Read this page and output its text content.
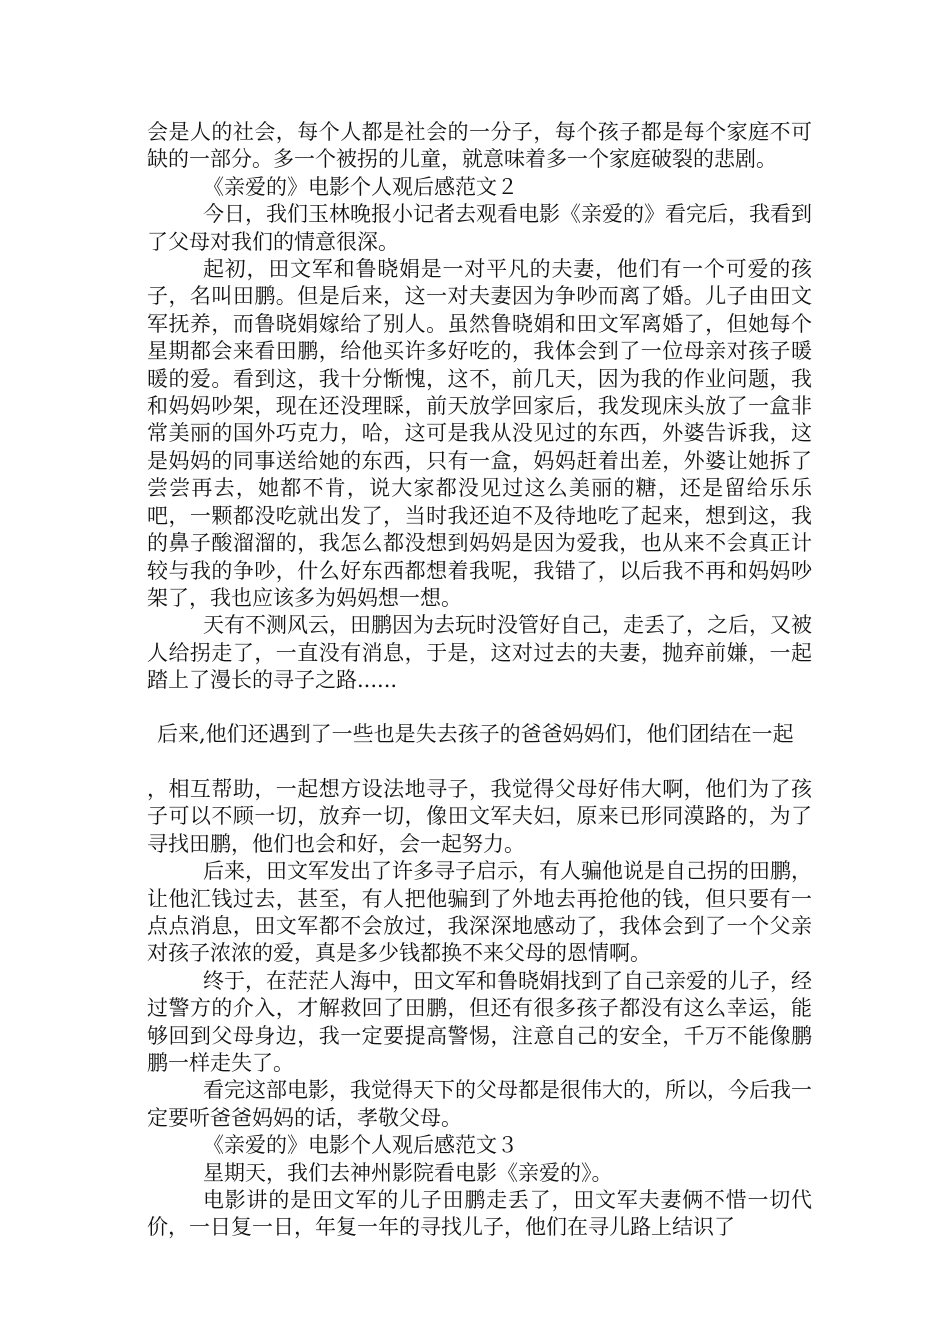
会是人的社会，每个人都是社会的一分子，每个孩子都是每个家庭不可缺的一部分。多一个被拐的儿童，就意味着多一个家庭破裂的悲剧。

《亲爱的》电影个人观后感范文２

今日，我们玉林晚报小记者去观看电影《亲爱的》看完后，我看到了父母对我们的情意很深。

起初，田文军和鲁晓娟是一对平凡的夫妻，他们有一个可爱的孩子，名叫田鹏。但是后来，这一对夫妻因为争吵而离了婚。儿子由田文军抚养，而鲁晓娟嫁给了别人。虽然鲁晓娟和田文军离婚了，但她每个星期都会来看田鹏，给他买许多好吃的，我体会到了一位母亲对孩子暖暖的爱。看到这，我十分惭愧，这不，前几天，因为我的作业问题，我和妈妈吵架，现在还没理睬，前天放学回家后，我发现床头放了一盒非常美丽的国外巧克力，哈，这可是我从没见过的东西，外婆告诉我，这是妈妈的同事送给她的东西，只有一盒，妈妈赶着出差，外婆让她拆了尝尝再去，她都不肯，说大家都没见过这么美丽的糖，还是留给乐乐吧，一颗都没吃就出发了，当时我还迫不及待地吃了起来，想到这，我的鼻子酸溜溜的，我怎么都没想到妈妈是因为爱我，也从来不会真正计较与我的争吵，什么好东西都想着我呢，我错了，以后我不再和妈妈吵架了，我也应该多为妈妈想一想。

天有不测风云，田鹏因为去玩时没管好自己，走丢了，之后，又被人给拐走了，一直没有消息，于是，这对过去的夫妻，抛弃前嫌，一起踏上了漫长的寻子之路......

后来,他们还遇到了一些也是失去孩子的爸爸妈妈们，他们团结在一起

，相互帮助，一起想方设法地寻子，我觉得父母好伟大啊，他们为了孩子可以不顾一切，放弃一切，像田文军夫妇，原来已形同漠路的，为了寻找田鹏，他们也会和好，会一起努力。

后来，田文军发出了许多寻子启示，有人骗他说是自己拐的田鹏，让他汇钱过去，甚至，有人把他骗到了外地去再抢他的钱，但只要有一点点消息，田文军都不会放过，我深深地感动了，我体会到了一个父亲对孩子浓浓的爱，真是多少钱都换不来父母的恩情啊。

终于，在茫茫人海中，田文军和鲁晓娟找到了自己亲爱的儿子，经过警方的介入，才解救回了田鹏，但还有很多孩子都没有这么幸运，能够回到父母身边，我一定要提高警惕，注意自己的安全，千万不能像鹏鹏一样走失了。

看完这部电影，我觉得天下的父母都是很伟大的，所以，今后我一定要听爸爸妈妈的话，孝敬父母。

《亲爱的》电影个人观后感范文３

星期天，我们去神州影院看电影《亲爱的》。

电影讲的是田文军的儿子田鹏走丢了，田文军夫妻俩不惜一切代价，一日复一日，年复一年的寻找儿子，他们在寻儿路上结识了
